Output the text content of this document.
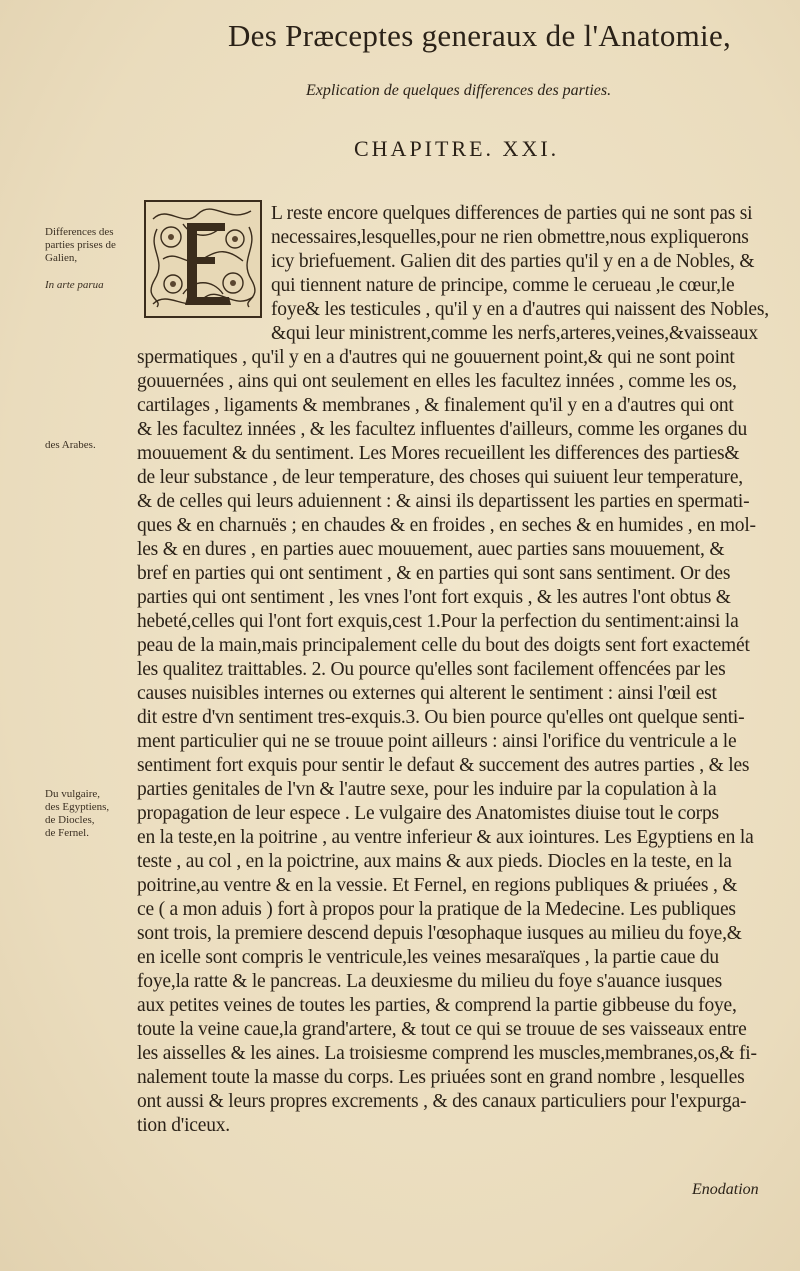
Des Præceptes generaux de l'Anatomie,
Explication de quelques differences des parties.
CHAPITRE. XXI.
Differences des
parties prises de
Galien,
In arte parua
des Arabes.
Du vulgaire,
des Egyptiens,
de Diocles,
de Fernel.
L reste encore quelques differences de parties qui ne sont pas si
necessaires,lesquelles,pour ne rien obmettre,nous expliquerons
icy briefuement. Galien dit des parties qu'il y en a de Nobles, &
qui tiennent nature de principe, comme le cerueau ,le cœur,le
foye& les testicules , qu'il y en a d'autres qui naissent des Nobles,
&qui leur ministrent,comme les nerfs,arteres,veines,&vaisseaux
spermatiques , qu'il y en a d'autres qui ne gouuernent point,& qui ne sont point
gouuernées , ains qui ont seulement en elles les facultez innées , comme les os,
cartilages , ligaments & membranes , & finalement qu'il y en a d'autres qui ont
& les facultez innées , & les facultez influentes d'ailleurs, comme les organes du
mouuement & du sentiment. Les Mores recueillent les differences des parties&
de leur substance , de leur temperature, des choses qui suiuent leur temperature,
& de celles qui leurs aduiennent : & ainsi ils departissent les parties en spermati-
ques & en charnuës ; en chaudes & en froides , en seches & en humides , en mol-
les & en dures , en parties auec mouuement, auec parties sans mouuement, &
bref en parties qui ont sentiment , & en parties qui sont sans sentiment. Or des
parties qui ont sentiment , les vnes l'ont fort exquis , & les autres l'ont obtus &
hebeté,celles qui l'ont fort exquis,cest 1.Pour la perfection du sentiment:ainsi la
peau de la main,mais principalement celle du bout des doigts sent fort exactemét
les qualitez traittables. 2. Ou pource qu'elles sont facilement offencées par les
causes nuisibles internes ou externes qui alterent le sentiment : ainsi l'œil est
dit estre d'vn sentiment tres-exquis.3. Ou bien pource qu'elles ont quelque senti-
ment particulier qui ne se trouue point ailleurs : ainsi l'orifice du ventricule a le
sentiment fort exquis pour sentir le defaut & succement des autres parties , & les
parties genitales de l'vn & l'autre sexe, pour les induire par la copulation à la
propagation de leur espece . Le vulgaire des Anatomistes diuise tout le corps
en la teste,en la poitrine , au ventre inferieur & aux iointures. Les Egyptiens en la
teste , au col , en la poictrine, aux mains & aux pieds. Diocles en la teste, en la
poitrine,au ventre & en la vessie. Et Fernel, en regions publiques & priuées , &
ce ( a mon aduis ) fort à propos pour la pratique de la Medecine. Les publiques
sont trois, la premiere descend depuis l'œsophaque iusques au milieu du foye,&
en icelle sont compris le ventricule,les veines mesaraïques , la partie caue du
foye,la ratte & le pancreas. La deuxiesme du milieu du foye s'auance iusques
aux petites veines de toutes les parties, & comprend la partie gibbeuse du foye,
toute la veine caue,la grand'artere, & tout ce qui se trouue de ses vaisseaux entre
les aisselles & les aines. La troisiesme comprend les muscles,membranes,os,& fi-
nalement toute la masse du corps. Les priuées sont en grand nombre , lesquelles
ont aussi & leurs propres excrements , & des canaux particuliers pour l'expurga-
tion d'iceux.
Enodation
